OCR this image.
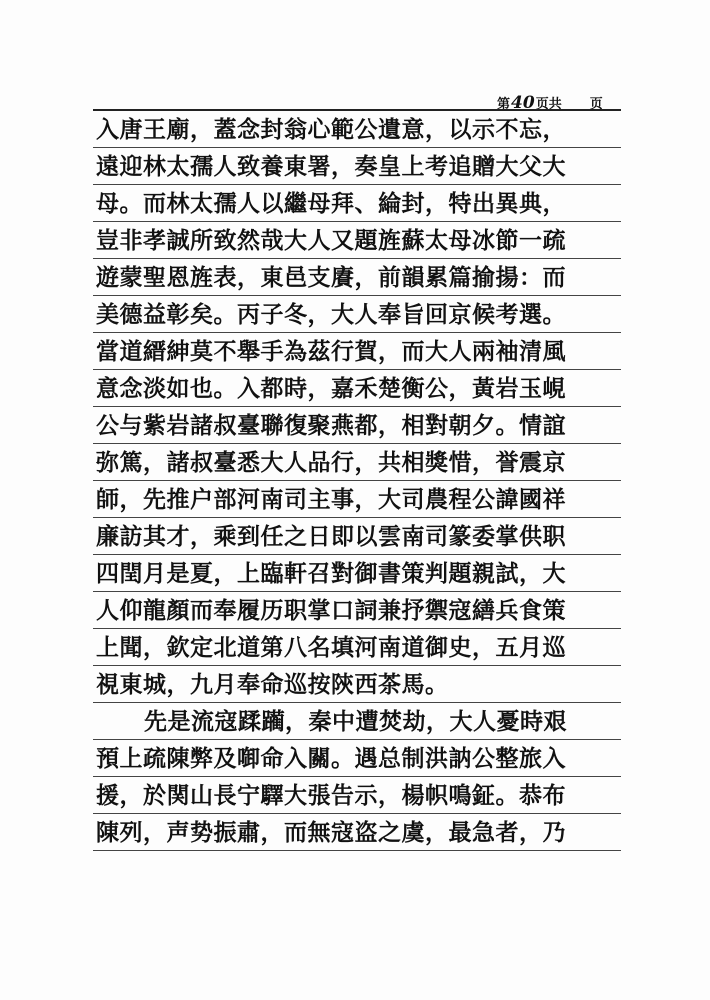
第40页共 页
入唐王廟，蓋念封翁心範公遺意，以示不忘，
遠迎林太孺人致養東署，奏皇上考追贈大父大
母。而林太孺人以繼母拜、綸封，特出異典，
豈非孝誠所致然哉大人又題旌蘇太母冰節一疏
遊蒙聖恩旌表，東邑支賡，前韻累篇揄揚：而
美德益彰矣。丙子冬，大人奉旨回京候考選。
當道縉紳莫不舉手為茲行賀，而大人兩袖清風
意念淡如也。入都時，嘉禾楚衡公，黃岩玉峴
公与紫岩諸叔臺聯復聚燕都，相對朝夕。情誼
弥篤，諸叔臺悉大人品行，共相獎惜，誉震京
師，先推户部河南司主事，大司農程公諱國祥
廉訪其才，乘到任之日即以雲南司篆委掌供职
四閏月是夏，上臨軒召對御書策判題親試，大
人仰龍顏而奉履历职掌口詞兼抒禦寇繕兵食策
上聞，欽定北道第八名填河南道御史，五月巡
視東城，九月奉命巡按陝西茶馬。
先是流寇蹂躏，秦中遭焚劫，大人憂時艰
預上疏陳弊及啣命入關。遇总制洪訥公整旅入
援，於関山長宁驛大張告示，楊帜鳴鉦。恭布
陳列，声势振肅，而無寇盗之虞，最急者，乃
